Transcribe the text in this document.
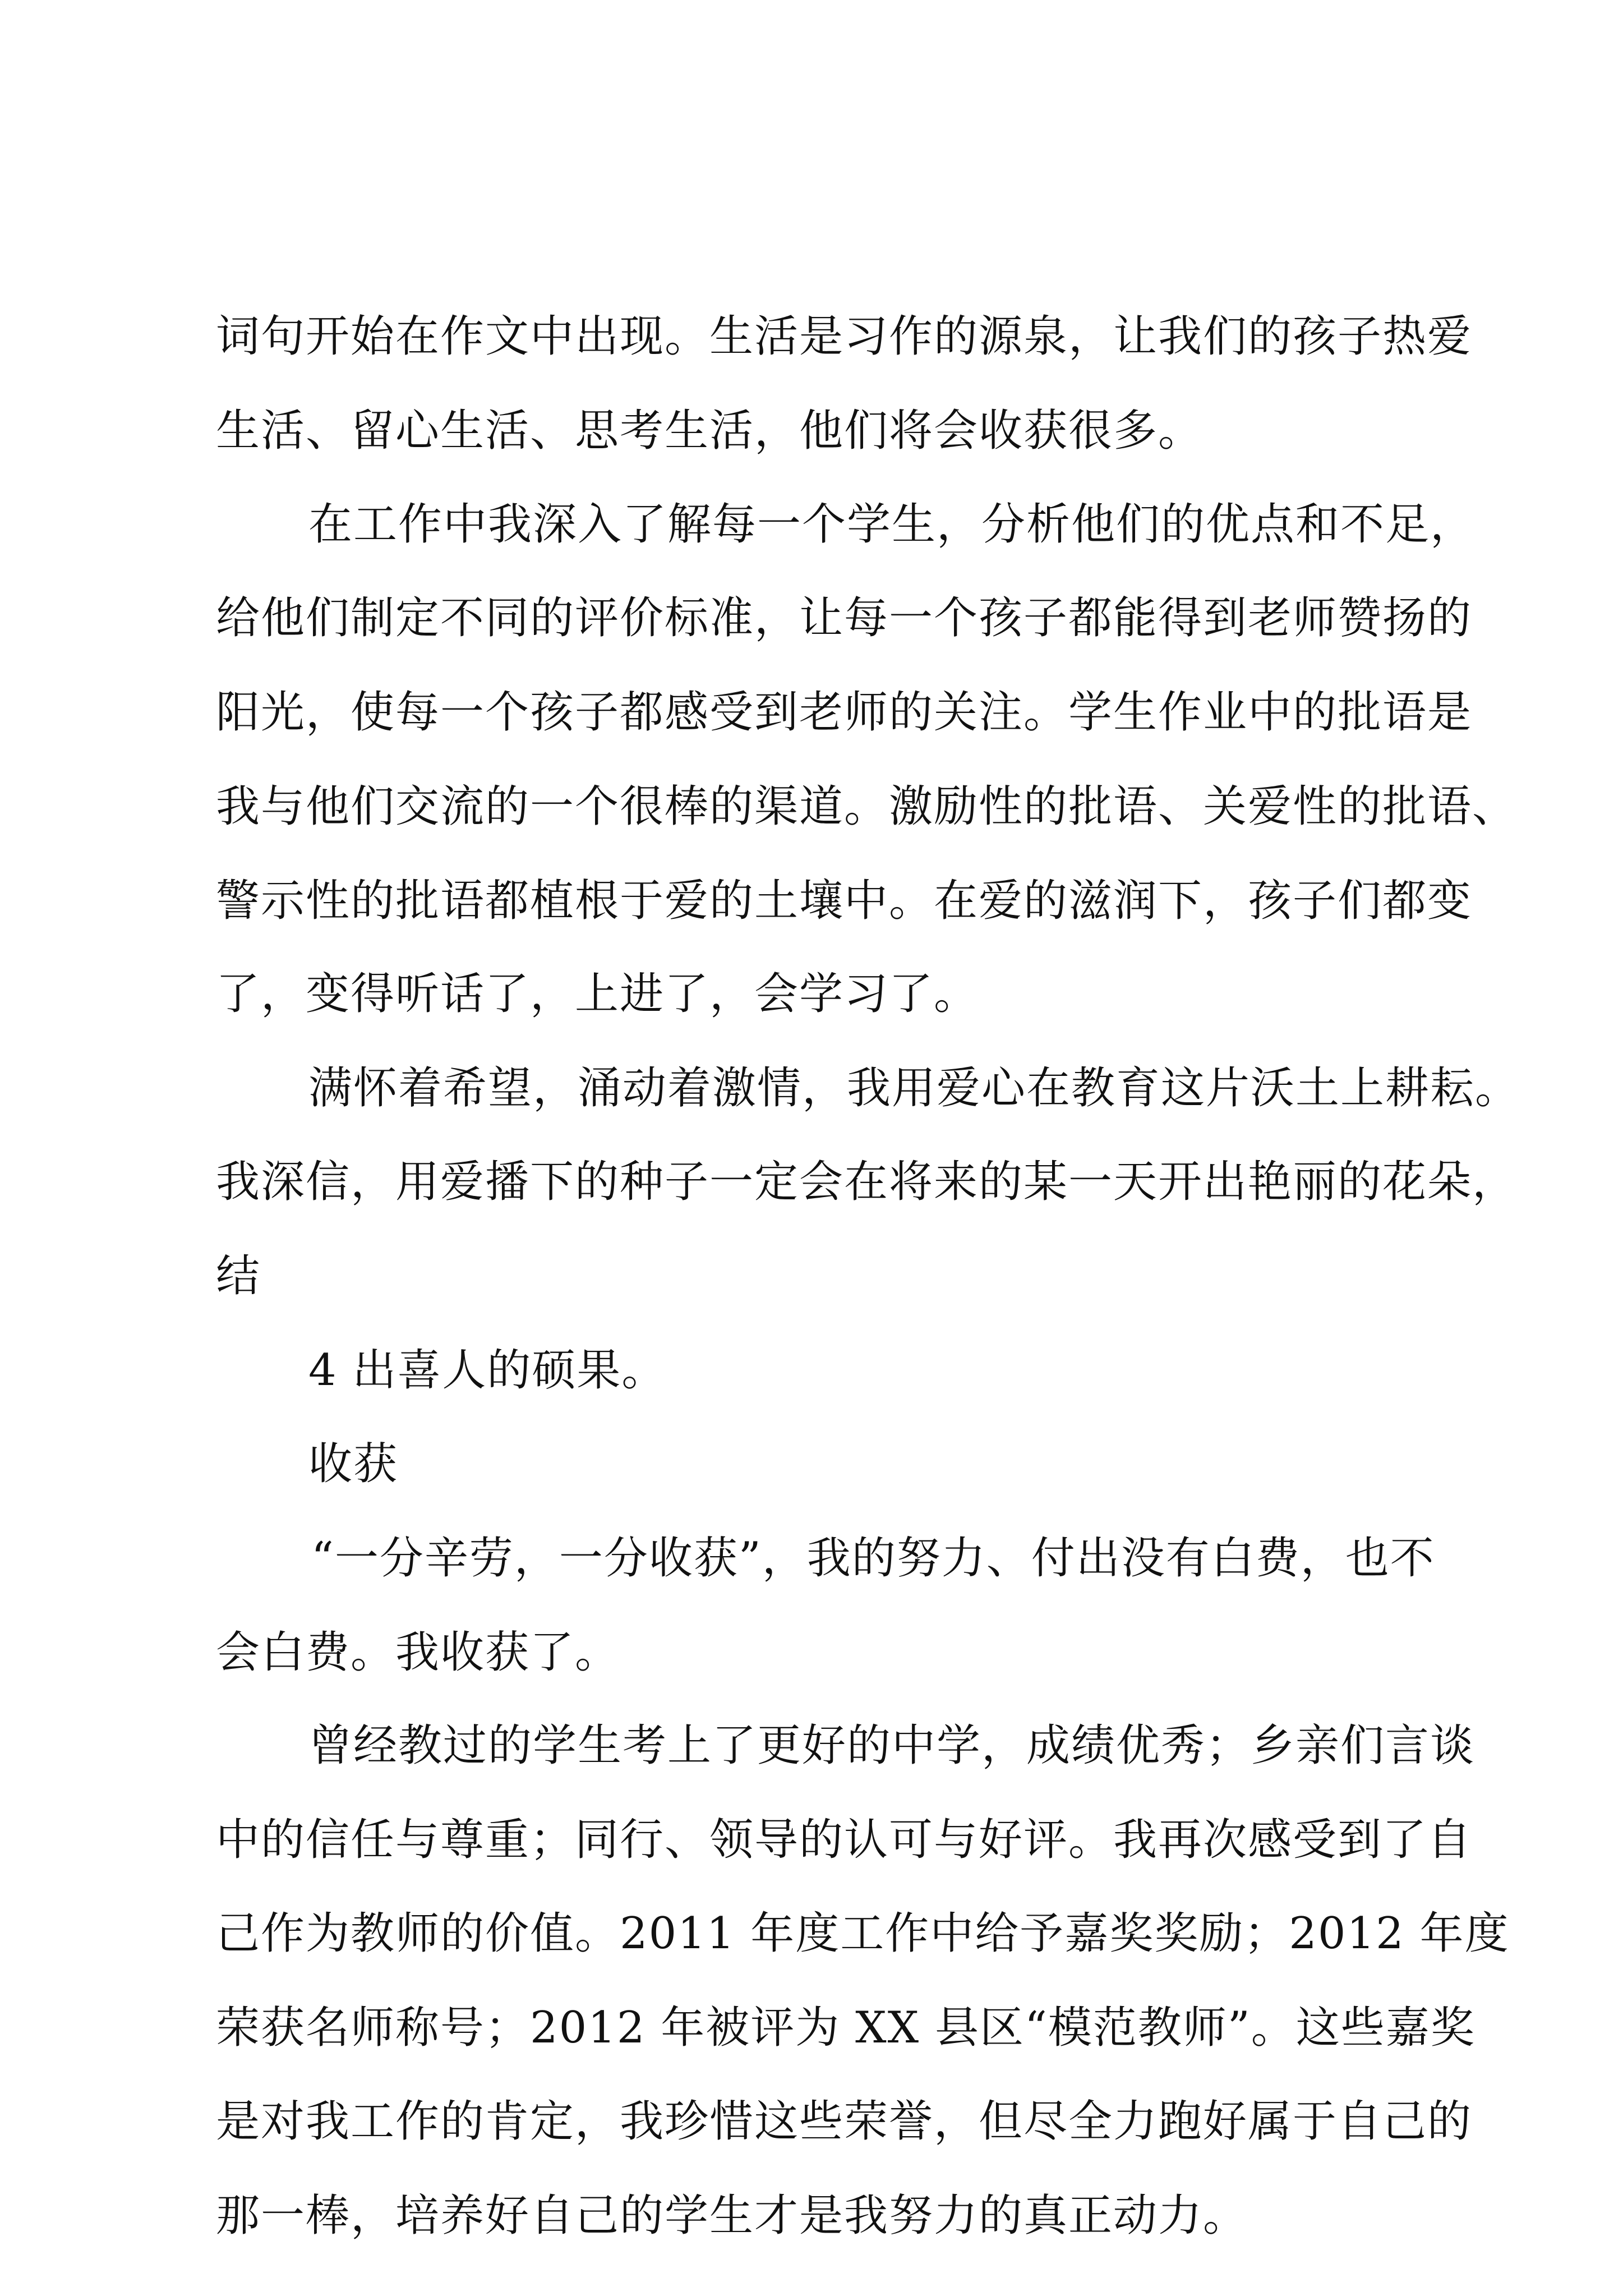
词句开始在作文中出现。生活是习作的源泉，让我们的孩子热爱
生活、留心生活、思考生活，他们将会收获很多。
在工作中我深入了解每一个学生，分析他们的优点和不足，
给他们制定不同的评价标准，让每一个孩子都能得到老师赞扬的
阳光，使每一个孩子都感受到老师的关注。学生作业中的批语是
我与他们交流的一个很棒的渠道。激励性的批语、关爱性的批语、
警示性的批语都植根于爱的土壤中。在爱的滋润下，孩子们都变
了，变得听话了，上进了，会学习了。
满怀着希望，涌动着激情，我用爱心在教育这片沃土上耕耘。
我深信，用爱播下的种子一定会在将来的某一天开出艳丽的花朵，
结
4 出喜人的硕果。
收获
“一分辛劳，一分收获”，我的努力、付出没有白费，也不
会白费。我收获了。
曾经教过的学生考上了更好的中学，成绩优秀；乡亲们言谈
中的信任与尊重；同行、领导的认可与好评。我再次感受到了自
己作为教师的价值。2011 年度工作中给予嘉奖奖励；2012 年度
荣获名师称号；2012 年被评为 XX 县区“模范教师”。这些嘉奖
是对我工作的肯定，我珍惜这些荣誉，但尽全力跑好属于自己的
那一棒，培养好自己的学生才是我努力的真正动力。
